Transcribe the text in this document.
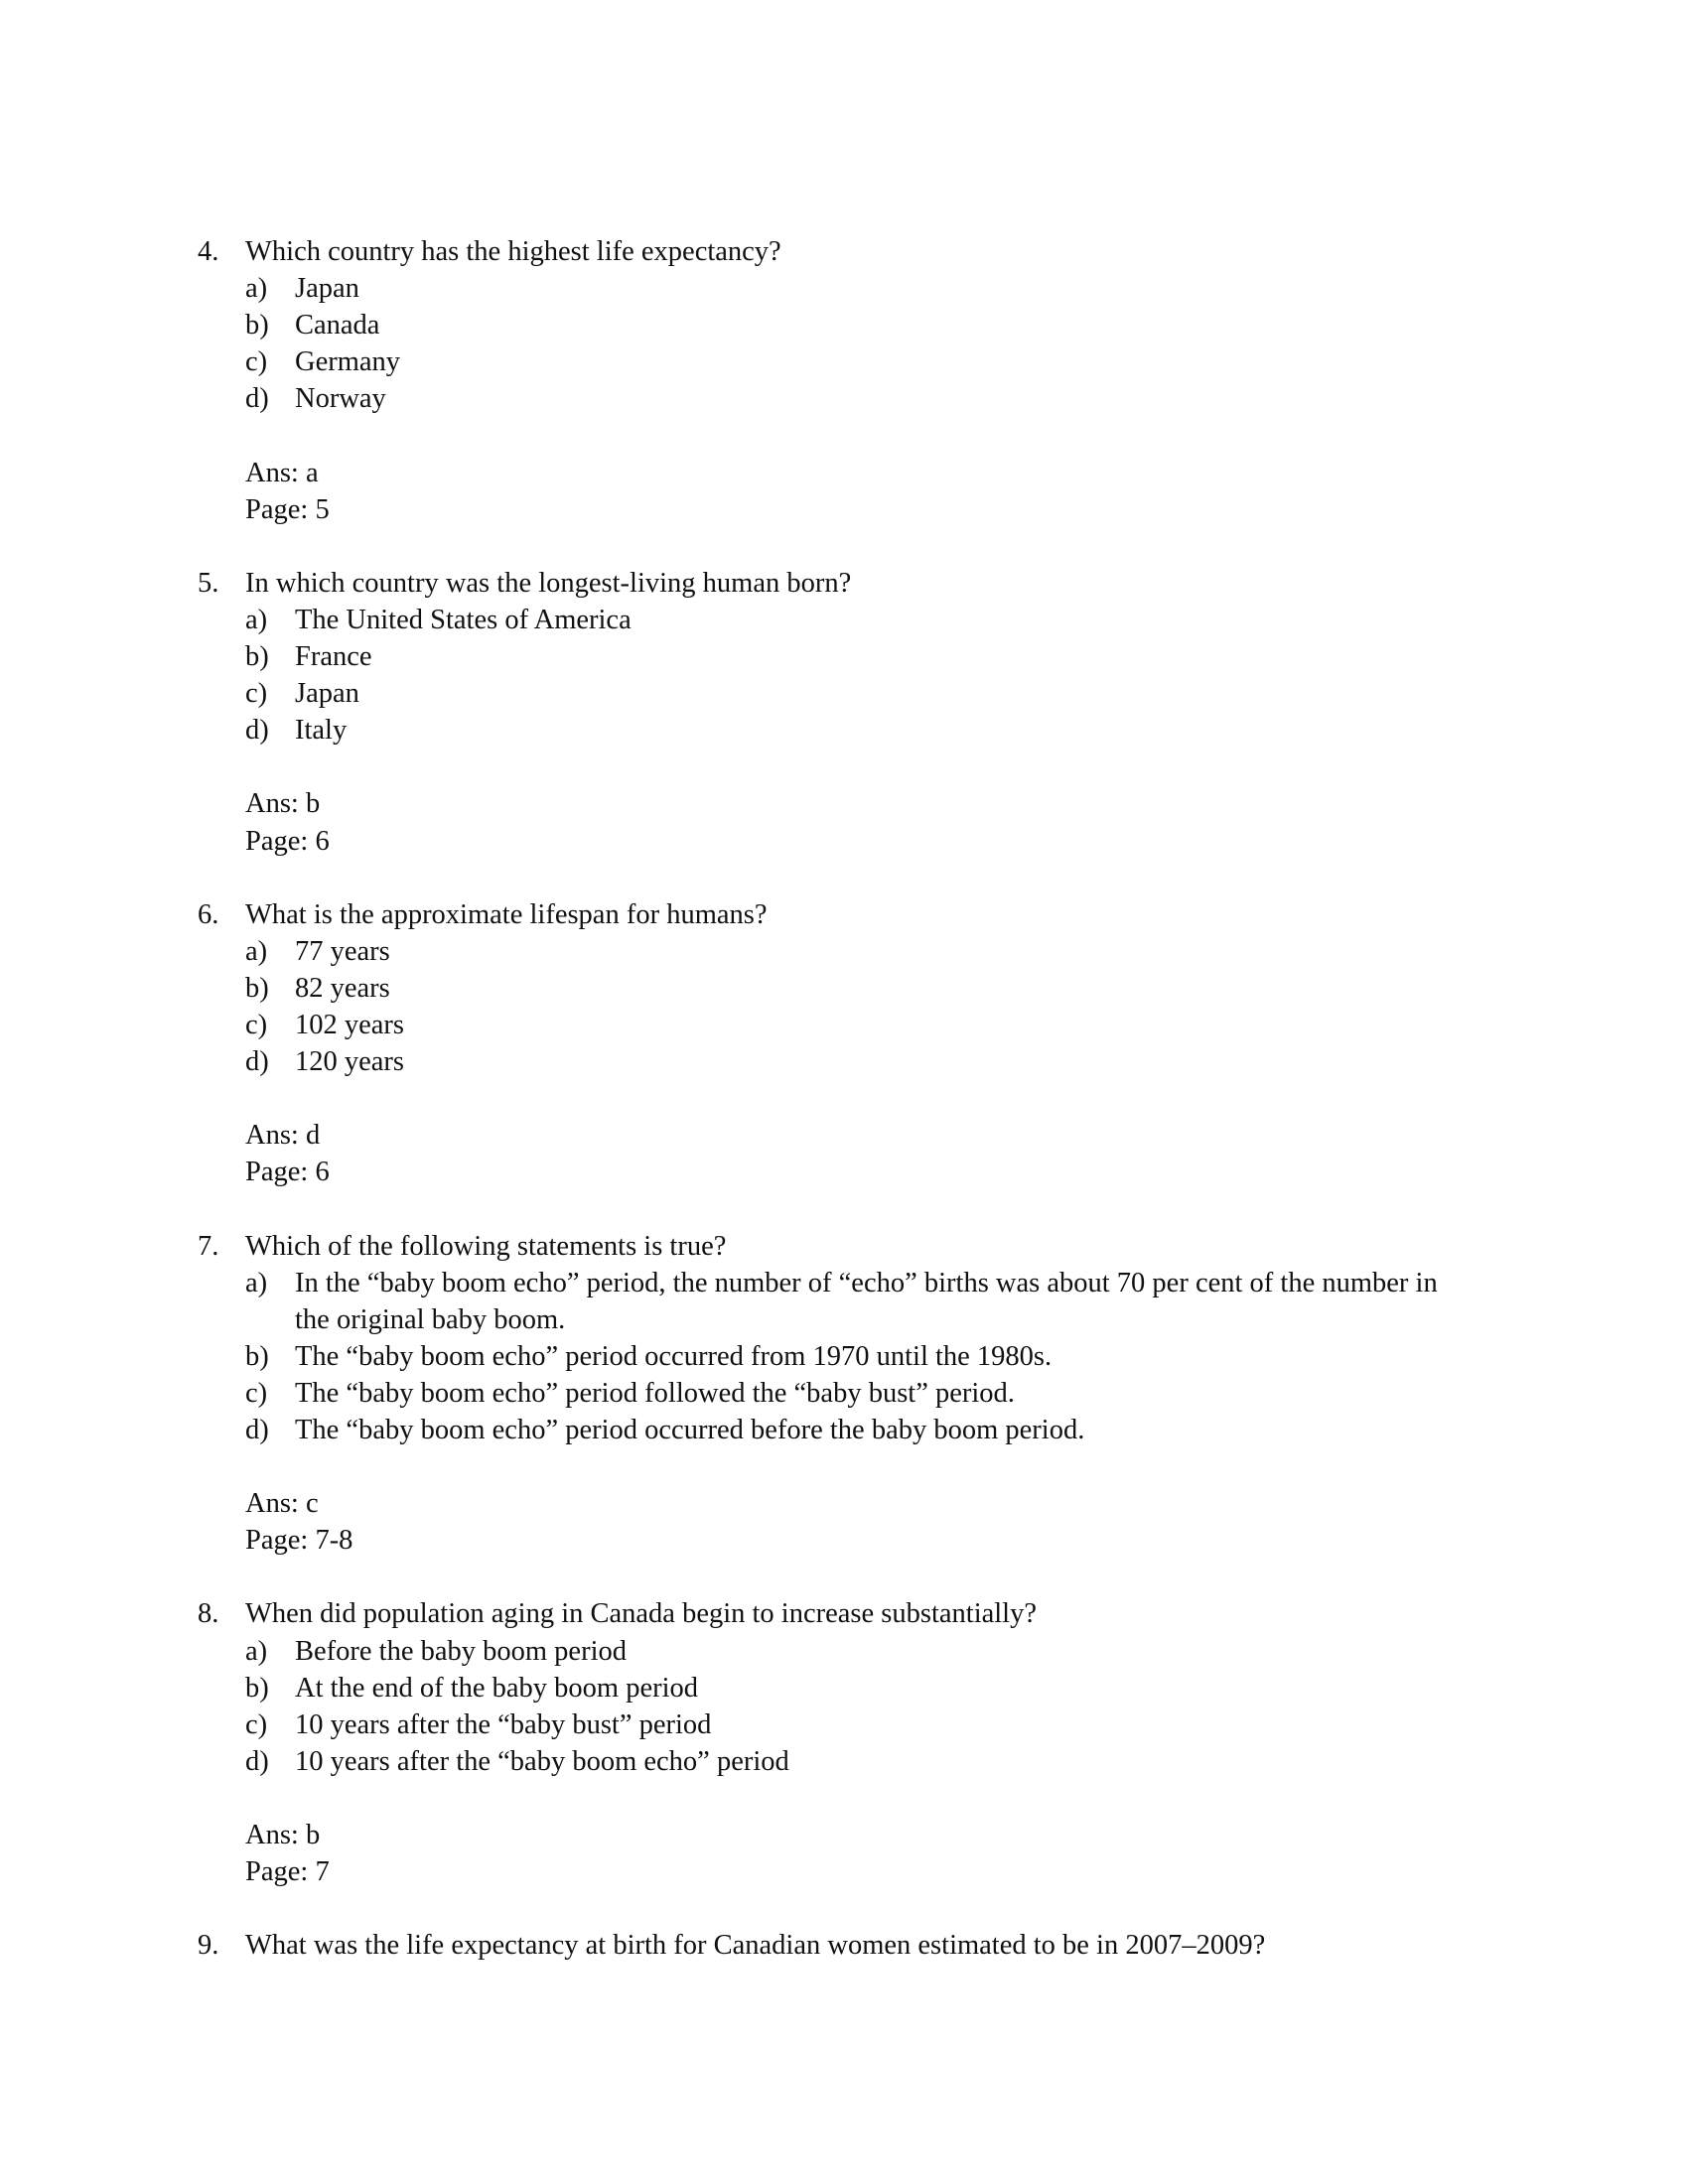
4. Which country has the highest life expectancy?
a) Japan
b) Canada
c) Germany
d) Norway
Ans: a
Page: 5
5. In which country was the longest-living human born?
a) The United States of America
b) France
c) Japan
d) Italy
Ans: b
Page: 6
6. What is the approximate lifespan for humans?
a) 77 years
b) 82 years
c) 102 years
d) 120 years
Ans: d
Page: 6
7. Which of the following statements is true?
a) In the “baby boom echo” period, the number of “echo” births was about 70 per cent of the number in the original baby boom.
b) The “baby boom echo” period occurred from 1970 until the 1980s.
c) The “baby boom echo” period followed the “baby bust” period.
d) The “baby boom echo” period occurred before the baby boom period.
Ans: c
Page: 7-8
8. When did population aging in Canada begin to increase substantially?
a) Before the baby boom period
b) At the end of the baby boom period
c) 10 years after the “baby bust” period
d) 10 years after the “baby boom echo” period
Ans: b
Page: 7
9. What was the life expectancy at birth for Canadian women estimated to be in 2007–2009?
